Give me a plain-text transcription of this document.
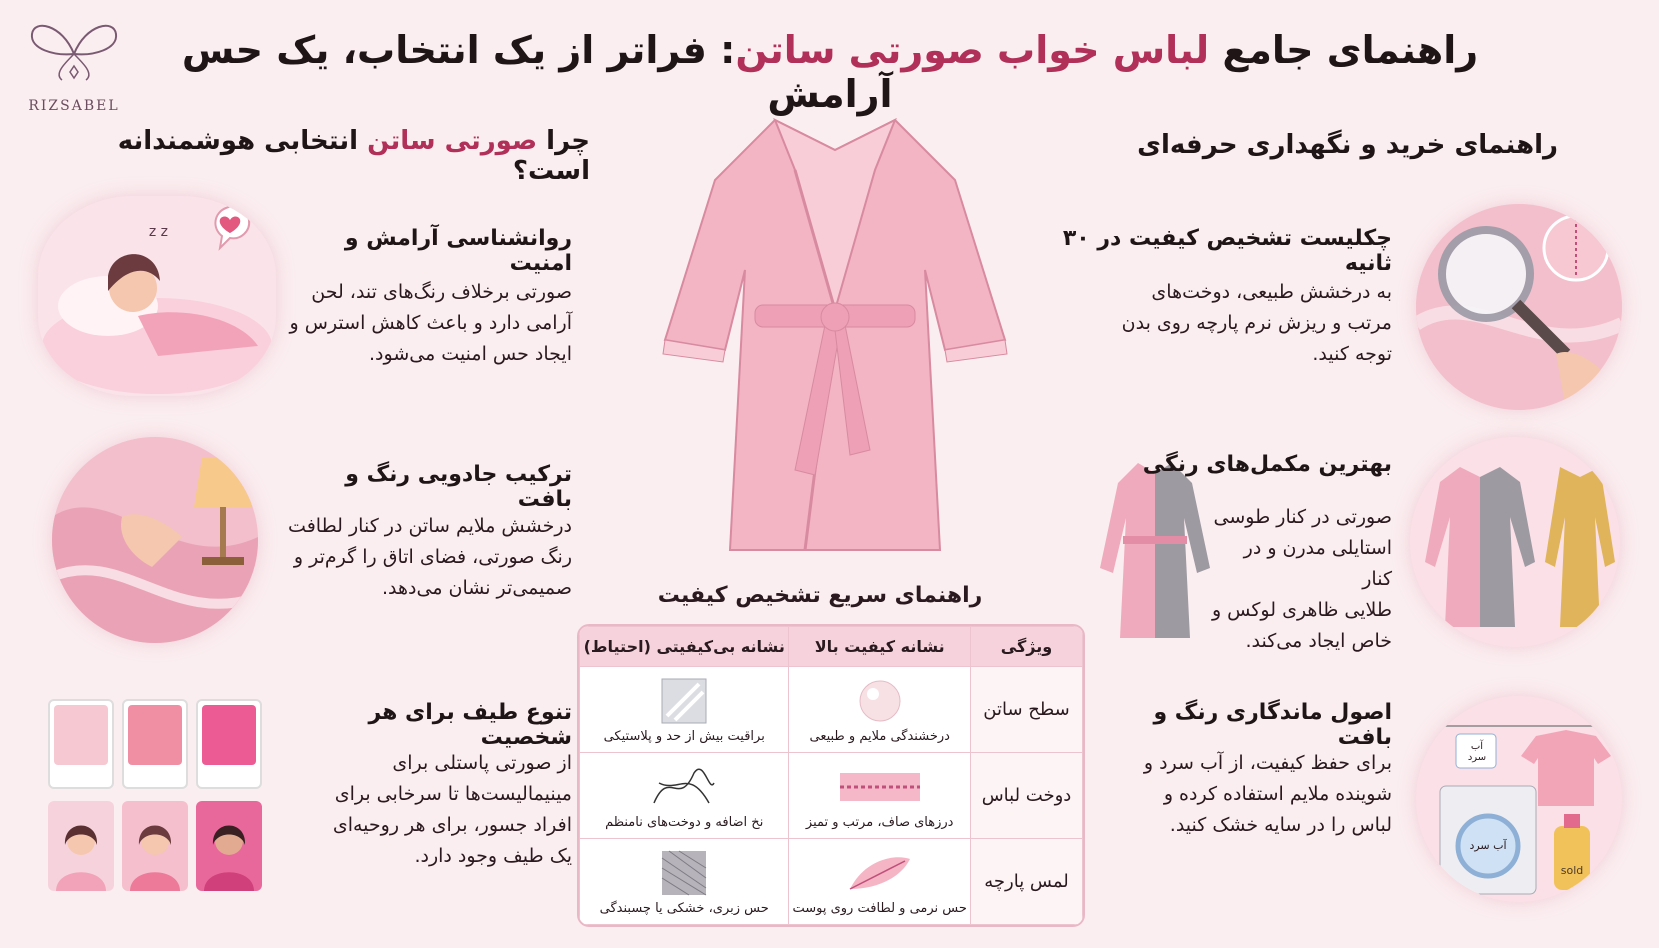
RIZSABEL
راهنمای جامع لباس خواب صورتی ساتن: فراتر از یک انتخاب، یک حس آرامش
چرا صورتی ساتن انتخابی هوشمندانه است؟
راهنمای خرید و نگهداری حرفه‌ای
z z	روانشناسی آرامش و امنیت
صورتی برخلاف رنگ‌های تند، لحن
آرامی دارد و باعث کاهش استرس و
ایجاد حس امنیت می‌شود.
ترکیب جادویی رنگ و بافت
درخشش ملایم ساتن در کنار لطافت
رنگ صورتی، فضای اتاق را گرم‌تر و
صمیمی‌تر نشان می‌دهد.
تنوع طیف برای هر شخصیت
از صورتی پاستلی برای
مینیمالیست‌ها تا سرخابی برای
افراد جسور، برای هر روحیه‌ای
یک طیف وجود دارد.
راهنمای سریع تشخیص کیفیت
ویژگی	نشانه کیفیت بالا	نشانه بی‌کیفیتی (احتیاط)
سطح ساتن	درخشندگی ملایم و طبیعی	براقیت بیش از حد و پلاستیکی

دوخت لباس	درزهای صاف، مرتب و تمیز	نخ اضافه و دوخت‌های نامنظم

لمس پارچه	حس نرمی و لطافت روی پوست	حس زبری، خشکی یا چسبندگی
چکلیست تشخیص کیفیت در ۳۰ ثانیه
به درخشش طبیعی، دوخت‌های
مرتب و ریزش نرم پارچه روی بدن
توجه کنید.
بهترین مکمل‌های رنگی
صورتی در کنار طوسی
استایلی مدرن و در کنار
طلایی ظاهری لوکس و
خاص ایجاد می‌کند.
اصول ماندگاری رنگ و بافت
برای حفظ کیفیت، از آب سرد و
شوینده ملایم استفاده کرده و
لباس را در سایه خشک کنید.
آب سرد
آب سرد
sold
